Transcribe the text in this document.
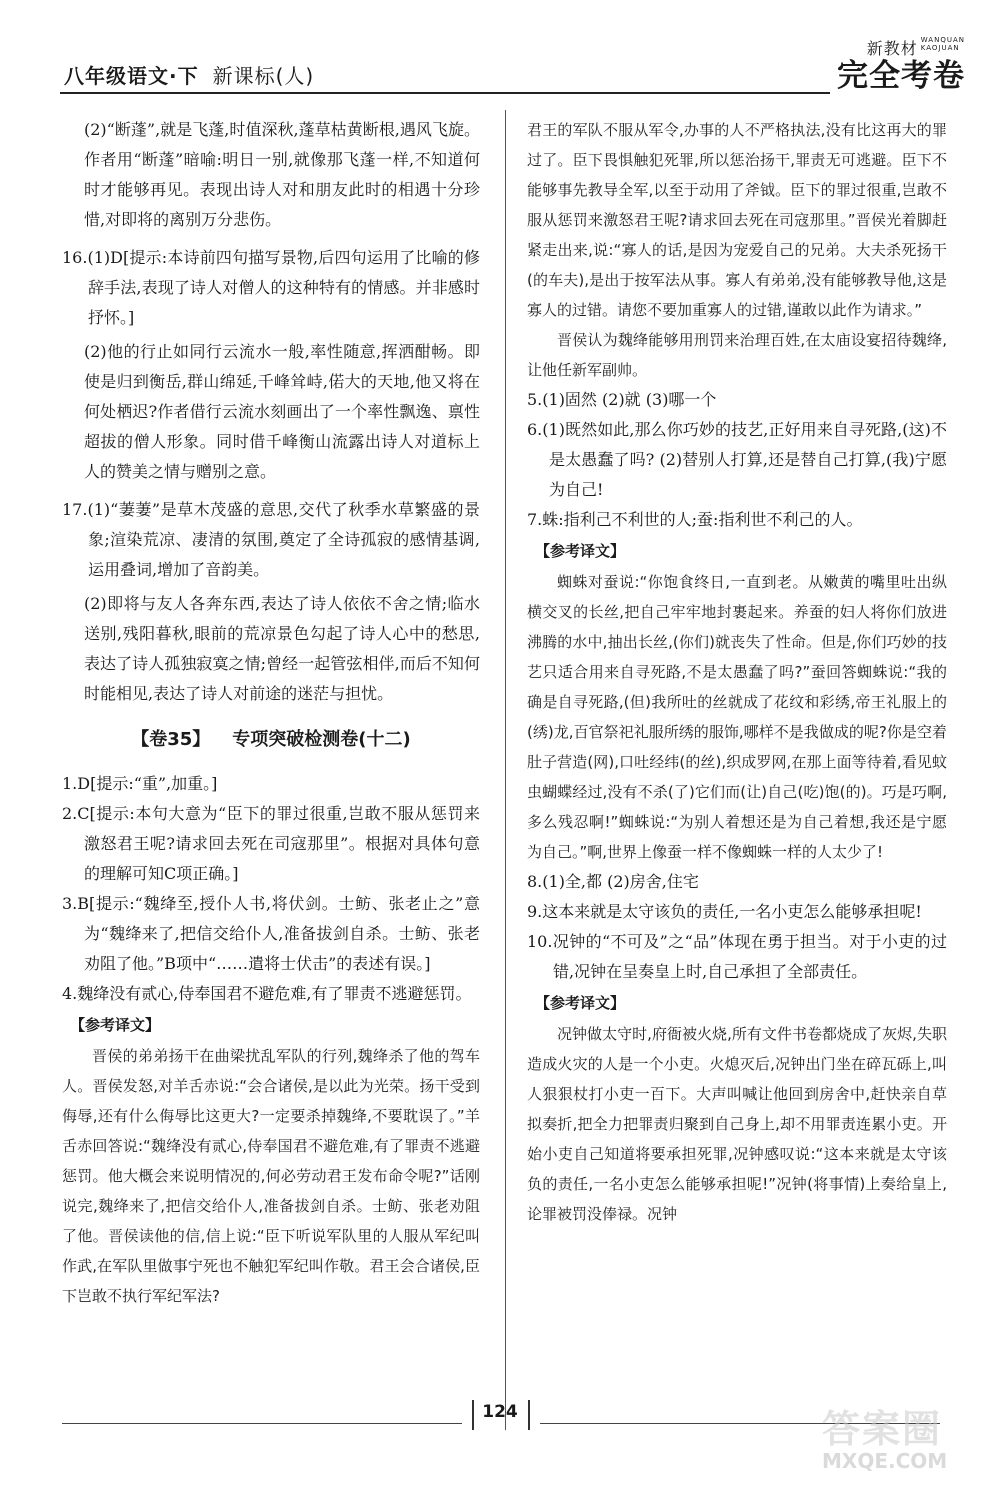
八年级语文·下 新课标(人)
新教材 WANQUAN
KAOJUAN
完全考卷
(2)“断蓬”,就是飞蓬,时值深秋,蓬草枯黄断根,遇风飞旋。作者用“断蓬”暗喻:明日一别,就像那飞蓬一样,不知道何时才能够再见。表现出诗人对和朋友此时的相遇十分珍惜,对即将的离别万分悲伤。
16.(1)D[提示:本诗前四句描写景物,后四句运用了比喻的修辞手法,表现了诗人对僧人的这种特有的情感。并非感时抒怀。]
(2)他的行止如同行云流水一般,率性随意,挥洒酣畅。即使是归到衡岳,群山绵延,千峰耸峙,偌大的天地,他又将在何处栖迟?作者借行云流水刻画出了一个率性飘逸、禀性超拔的僧人形象。同时借千峰衡山流露出诗人对道标上人的赞美之情与赠别之意。
17.(1)“萋萋”是草木茂盛的意思,交代了秋季水草繁盛的景象;渲染荒凉、凄清的氛围,奠定了全诗孤寂的感情基调,运用叠词,增加了音韵美。
(2)即将与友人各奔东西,表达了诗人依依不舍之情;临水送别,残阳暮秋,眼前的荒凉景色勾起了诗人心中的愁思,表达了诗人孤独寂寞之情;曾经一起管弦相伴,而后不知何时能相见,表达了诗人对前途的迷茫与担忧。
【卷35】 专项突破检测卷(十二)
1.D[提示:“重”,加重。]
2.C[提示:本句大意为“臣下的罪过很重,岂敢不服从惩罚来激怒君王呢?请求回去死在司寇那里”。根据对具体句意的理解可知C项正确。]
3.B[提示:“魏绛至,授仆人书,将伏剑。士鲂、张老止之”意为“魏绛来了,把信交给仆人,准备拔剑自杀。士鲂、张老劝阻了他。”B项中“……遣将士伏击”的表述有误。]
4.魏绛没有贰心,侍奉国君不避危难,有了罪责不逃避惩罚。
【参考译文】
晋侯的弟弟扬干在曲梁扰乱军队的行列,魏绛杀了他的驾车人。晋侯发怒,对羊舌赤说:“会合诸侯,是以此为光荣。扬干受到侮辱,还有什么侮辱比这更大?一定要杀掉魏绛,不要耽误了。”羊舌赤回答说:“魏绛没有贰心,侍奉国君不避危难,有了罪责不逃避惩罚。他大概会来说明情况的,何必劳动君王发布命令呢?”话刚说完,魏绛来了,把信交给仆人,准备拔剑自杀。士鲂、张老劝阻了他。晋侯读他的信,信上说:“臣下听说军队里的人服从军纪叫作武,在军队里做事宁死也不触犯军纪叫作敬。君王会合诸侯,臣下岂敢不执行军纪军法?
君王的军队不服从军令,办事的人不严格执法,没有比这再大的罪过了。臣下畏惧触犯死罪,所以惩治扬干,罪责无可逃避。臣下不能够事先教导全军,以至于动用了斧钺。臣下的罪过很重,岂敢不服从惩罚来激怒君王呢?请求回去死在司寇那里。”晋侯光着脚赶紧走出来,说:“寡人的话,是因为宠爱自己的兄弟。大夫杀死扬干(的车夫),是出于按军法从事。寡人有弟弟,没有能够教导他,这是寡人的过错。请您不要加重寡人的过错,谨敢以此作为请求。”
晋侯认为魏绛能够用刑罚来治理百姓,在太庙设宴招待魏绛,让他任新军副帅。
5.(1)固然 (2)就 (3)哪一个
6.(1)既然如此,那么你巧妙的技艺,正好用来自寻死路,(这)不是太愚蠢了吗? (2)替别人打算,还是替自己打算,(我)宁愿为自己!
7.蛛:指利己不利世的人;蚕:指利世不利己的人。
【参考译文】
蜘蛛对蚕说:“你饱食终日,一直到老。从嫩黄的嘴里吐出纵横交叉的长丝,把自己牢牢地封裹起来。养蚕的妇人将你们放进沸腾的水中,抽出长丝,(你们)就丧失了性命。但是,你们巧妙的技艺只适合用来自寻死路,不是太愚蠢了吗?”蚕回答蜘蛛说:“我的确是自寻死路,(但)我所吐的丝就成了花纹和彩绣,帝王礼服上的(绣)龙,百官祭祀礼服所绣的服饰,哪样不是我做成的呢?你是空着肚子营造(网),口吐经纬(的丝),织成罗网,在那上面等待着,看见蚊虫蝴蝶经过,没有不杀(了)它们而(让)自己(吃)饱(的)。巧是巧啊,多么残忍啊!”蜘蛛说:“为别人着想还是为自己着想,我还是宁愿为自己。”啊,世界上像蚕一样不像蜘蛛一样的人太少了!
8.(1)全,都 (2)房舍,住宅
9.这本来就是太守该负的责任,一名小吏怎么能够承担呢!
10.况钟的“不可及”之“品”体现在勇于担当。对于小吏的过错,况钟在呈奏皇上时,自己承担了全部责任。
【参考译文】
况钟做太守时,府衙被火烧,所有文件书卷都烧成了灰烬,失职造成火灾的人是一个小吏。火熄灭后,况钟出门坐在碎瓦砾上,叫人狠狠杖打小吏一百下。大声叫喊让他回到房舍中,赶快亲自草拟奏折,把全力把罪责归聚到自己身上,却不用罪责连累小吏。开始小吏自己知道将要承担死罪,况钟感叹说:“这本来就是太守该负的责任,一名小吏怎么能够承担呢!”况钟(将事情)上奏给皇上,论罪被罚没俸禄。况钟
124	答案圈
MXQE.COM
